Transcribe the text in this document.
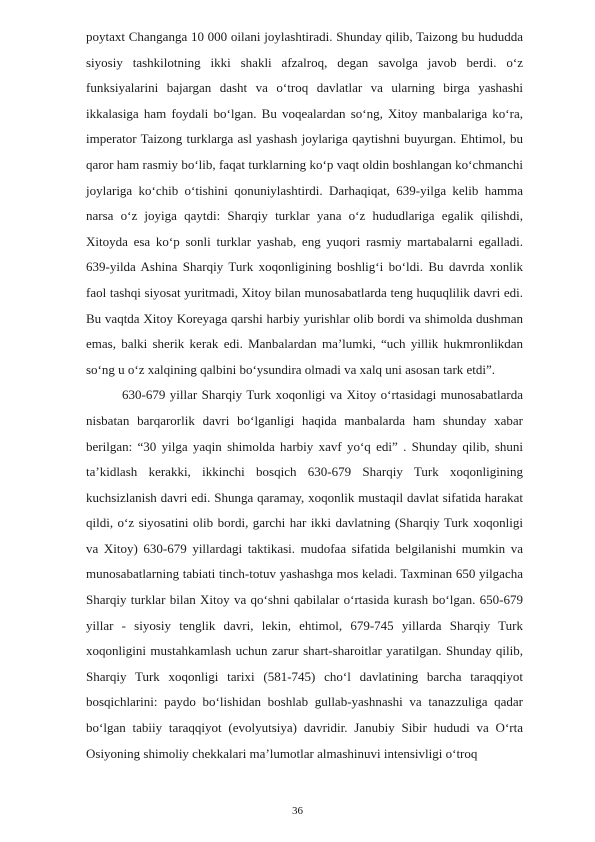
poytaxt Changanga 10 000 oilani joylashtiradi. Shunday qilib, Taizong bu hududda siyosiy tashkilotning ikki shakli afzalroq, degan savolga javob berdi. o‘z funksiyalarini bajargan dasht va o‘troq davlatlar va ularning birga yashashi ikkalasiga ham foydali bo‘lgan. Bu voqealardan so‘ng, Xitoy manbalariga ko‘ra, imperator Taizong turklarga asl yashash joylariga qaytishni buyurgan. Ehtimol, bu qaror ham rasmiy bo‘lib, faqat turklarning ko‘p vaqt oldin boshlangan ko‘chmanchi joylariga ko‘chib o‘tishini qonuniylashtirdi. Darhaqiqat, 639-yilga kelib hamma narsa o‘z joyiga qaytdi: Sharqiy turklar yana o‘z hududlariga egalik qilishdi, Xitoyda esa ko‘p sonli turklar yashab, eng yuqori rasmiy martabalarni egalladi. 639-yilda Ashina Sharqiy Turk xoqonligining boshlig‘i bo‘ldi. Bu davrda xonlik faol tashqi siyosat yuritmadi, Xitoy bilan munosabatlarda teng huquqlilik davri edi. Bu vaqtda Xitoy Koreyaga qarshi harbiy yurishlar olib bordi va shimolda dushman emas, balki sherik kerak edi. Manbalardan ma’lumki, “uch yillik hukmronlikdan so‘ng u o‘z xalqining qalbini bo‘ysundira olmadi va xalq uni asosan tark etdi”.

630-679 yillar Sharqiy Turk xoqonligi va Xitoy o‘rtasidagi munosabatlarda nisbatan barqarorlik davri bo‘lganligi haqida manbalarda ham shunday xabar berilgan: “30 yilga yaqin shimolda harbiy xavf yo‘q edi” . Shunday qilib, shuni ta’kidlash kerakki, ikkinchi bosqich 630-679 Sharqiy Turk xoqonligining kuchsizlanish davri edi. Shunga qaramay, xoqonlik mustaqil davlat sifatida harakat qildi, o‘z siyosatini olib bordi, garchi har ikki davlatning (Sharqiy Turk xoqonligi va Xitoy) 630-679 yillardagi taktikasi. mudofaa sifatida belgilanishi mumkin va munosabatlarning tabiati tinch-totuv yashashga mos keladi. Taxminan 650 yilgacha Sharqiy turklar bilan Xitoy va qo‘shni qabilalar o‘rtasida kurash bo‘lgan. 650-679 yillar - siyosiy tenglik davri, lekin, ehtimol, 679-745 yillarda Sharqiy Turk xoqonligini mustahkamlash uchun zarur shart-sharoitlar yaratilgan. Shunday qilib, Sharqiy Turk xoqonligi tarixi (581-745) cho‘l davlatining barcha taraqqiyot bosqichlarini: paydo bo‘lishidan boshlab gullab-yashnashi va tanazzuliga qadar bo‘lgan tabiiy taraqqiyot (evolyutsiya) davridir. Janubiy Sibir hududi va O‘rta Osiyoning shimoliy chekkalari ma’lumotlar almashinuvi intensivligi o‘troq

36
